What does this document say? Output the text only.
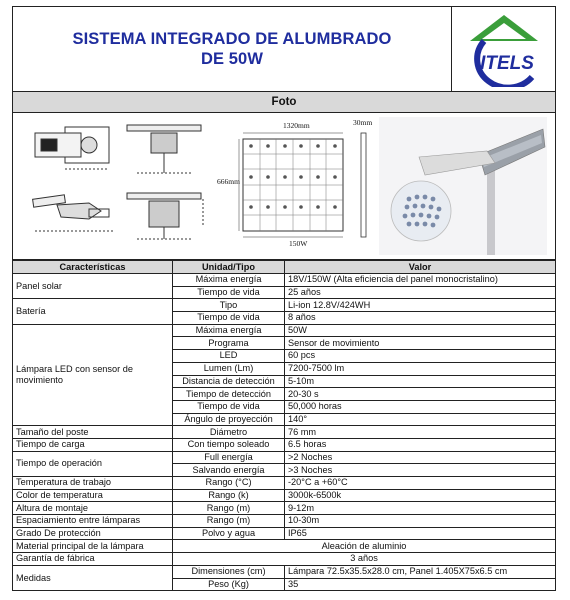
SISTEMA INTEGRADO DE ALUMBRADO
DE 50W	ITELS
Foto
1320mm	30mm
666mm
150W
Características	Unidad/Tipo	Valor
Panel solar	Máxima energía	18V/150W (Alta eficiencia del panel monocristalino)
	Tiempo de vida	25 años
Batería	Tipo	Li-ion 12.8V/424WH
	Tiempo de vida	8 años
Lámpara LED con sensor de movimiento	Máxima energía	50W
	Programa	Sensor de movimiento
	LED	60 pcs
	Lumen (Lm)	7200-7500 lm
	Distancia de detección	5-10m
	Tiempo de detección	20-30 s
	Tiempo de vida	50,000 horas
	Ángulo de proyección	140°
Tamaño del poste	Diámetro	76 mm
Tiempo de carga	Con tiempo soleado	6.5 horas
Tiempo de operación	Full energía	>2 Noches
	Salvando energía	>3 Noches
Temperatura de trabajo	Rango (°C)	-20°C a +60°C
Color de temperatura	Rango (k)	3000k-6500k
Altura de montaje	Rango (m)	9-12m
Espaciamiento entre lámparas	Rango (m)	10-30m
Grado De protección	Polvo y agua	IP65
Material principal de la lámpara	Aleación de aluminio	
Garantía de fábrica	3 años	
Medidas	Dimensiones (cm)	Lámpara 72.5x35.5x28.0 cm, Panel 1.405X75x6.5 cm
	Peso (Kg)	35
